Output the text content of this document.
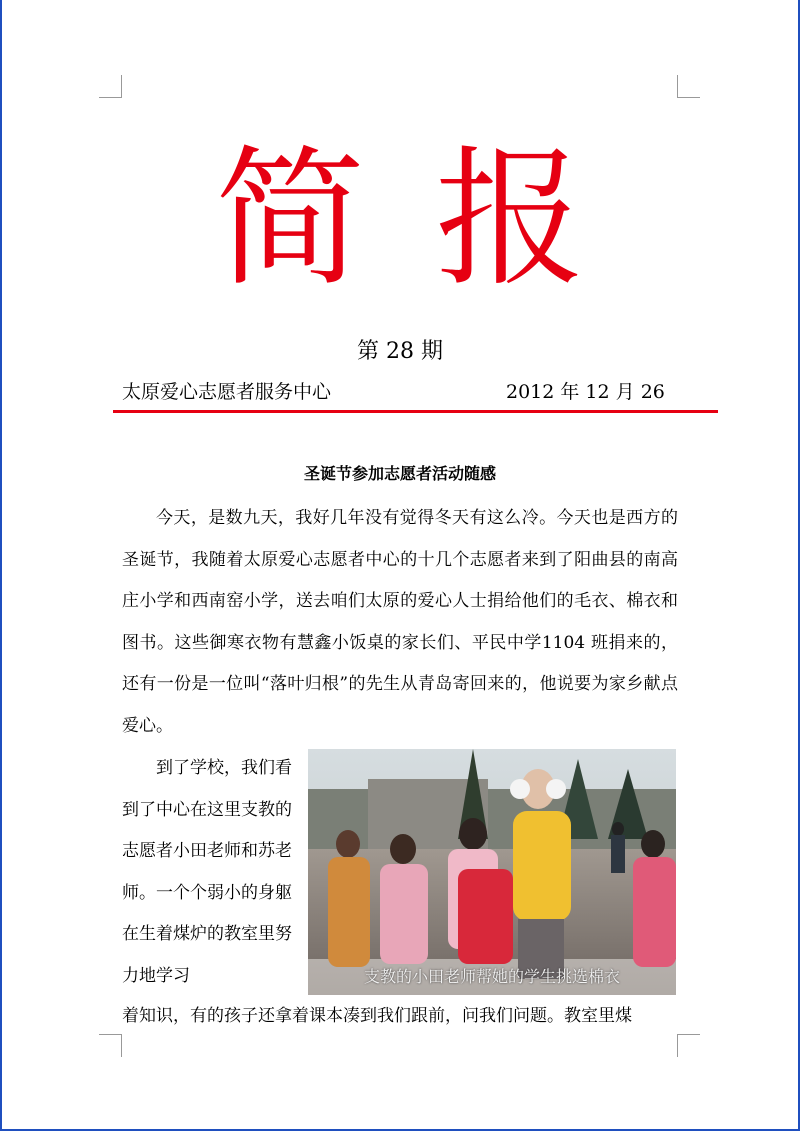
简报
第 28 期
太原爱心志愿者服务中心	2012 年 12 月 26
圣诞节参加志愿者活动随感

今天，是数九天，我好几年没有觉得冬天有这么冷。今天也是西方的圣诞节，我随着太原爱心志愿者中心的十几个志愿者来到了阳曲县的南高庄小学和西南窑小学，送去咱们太原的爱心人士捐给他们的毛衣、棉衣和图书。这些御寒衣物有慧鑫小饭桌的家长们、平民中学1104 班捐来的，还有一份是一位叫“落叶归根”的先生从青岛寄回来的，他说要为家乡献点爱心。

到了学校，我们看到了中心在这里支教的志愿者小田老师和苏老师。一个个弱小的身躯在生着煤炉的教室里努力地学习	支教的小田老师帮她的学生挑选棉衣
着知识，有的孩子还拿着课本凑到我们跟前，问我们问题。教室里煤
